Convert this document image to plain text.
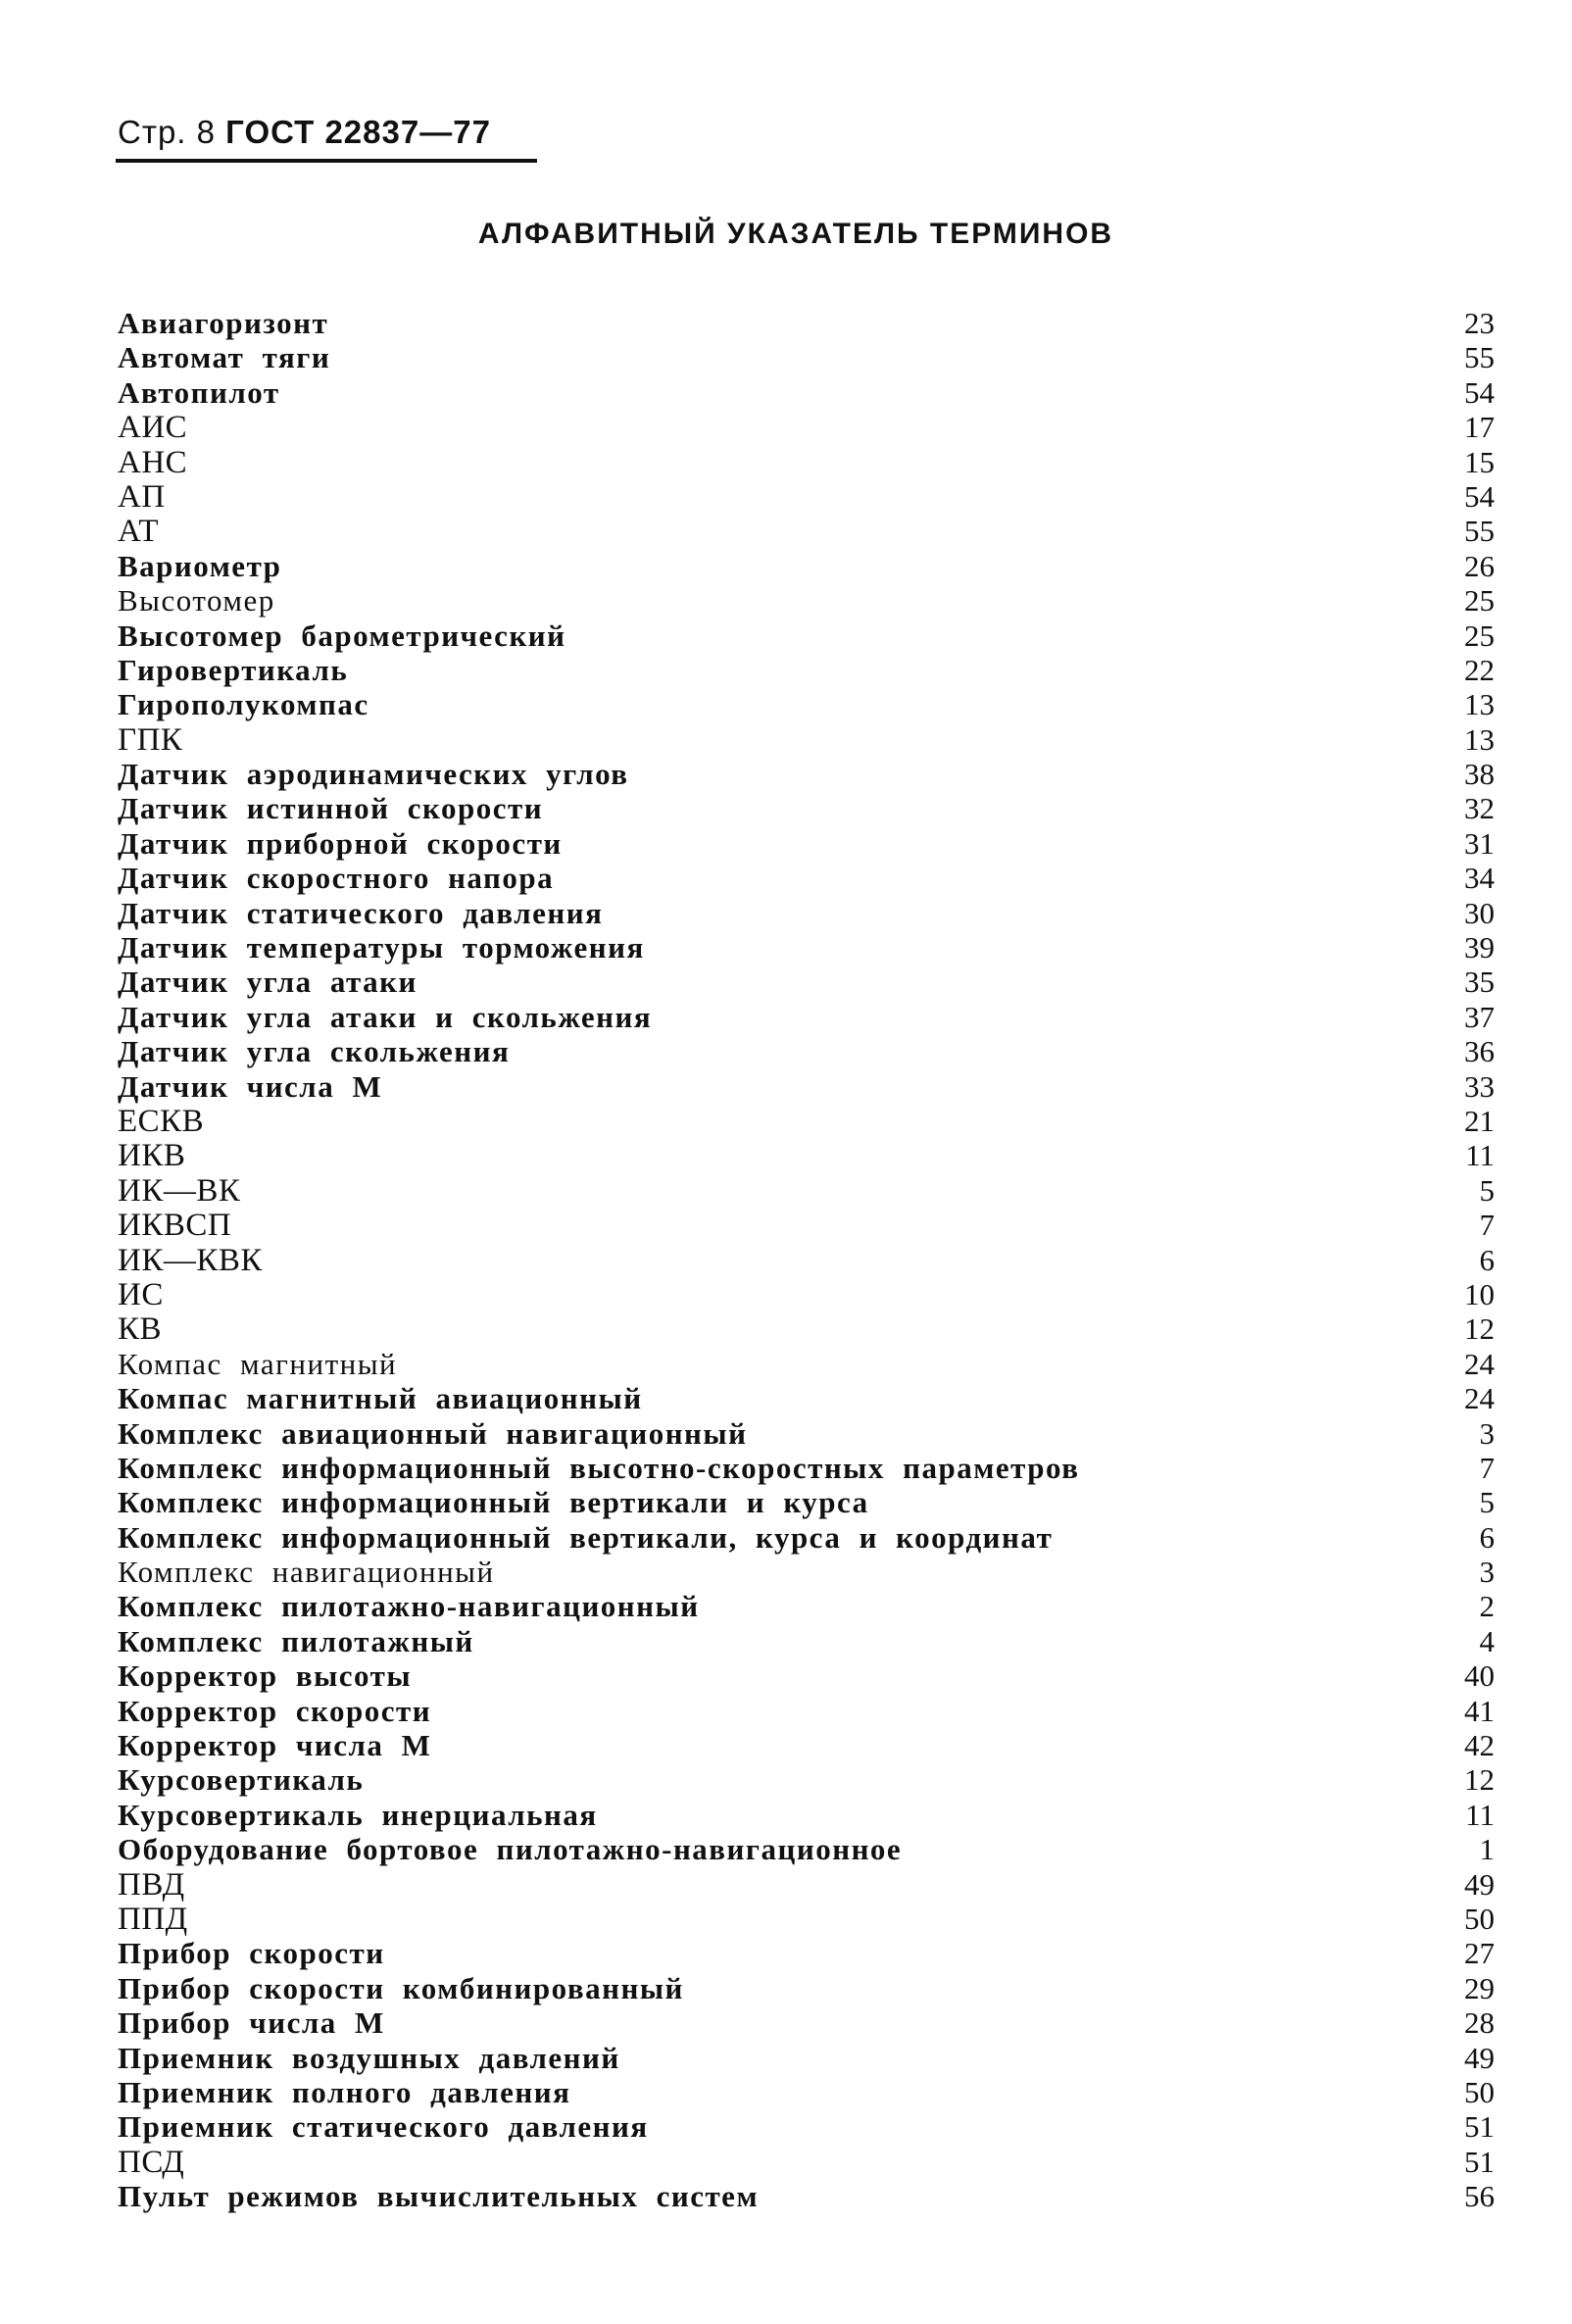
Стр. 8 ГОСТ 22837—77
АЛФАВИТНЫЙ УКАЗАТЕЛЬ ТЕРМИНОВ
Авиагоризонт	23
Автомат тяги	55
Автопилот	54
АИС	17
АНС	15
АП	54
АТ	55
Вариометр	26
Высотомер	25
Высотомер барометрический	25
Гировертикаль	22
Гирополукомпас	13
ГПК	13
Датчик аэродинамических углов	38
Датчик истинной скорости	32
Датчик приборной скорости	31
Датчик скоростного напора	34
Датчик статического давления	30
Датчик температуры торможения	39
Датчик угла атаки	35
Датчик угла атаки и скольжения	37
Датчик угла скольжения	36
Датчик числа М	33
ЕСКВ	21
ИКВ	11
ИК—ВК	5
ИКВСП	7
ИК—КВК	6
ИС	10
КВ	12
Компас магнитный	24
Компас магнитный авиационный	24
Комплекс авиационный навигационный	3
Комплекс информационный высотно-скоростных параметров	7
Комплекс информационный вертикали и курса	5
Комплекс информационный вертикали, курса и координат	6
Комплекс навигационный	3
Комплекс пилотажно-навигационный	2
Комплекс пилотажный	4
Корректор высоты	40
Корректор скорости	41
Корректор числа М	42
Курсовертикаль	12
Курсовертикаль инерциальная	11
Оборудование бортовое пилотажно-навигационное	1
ПВД	49
ППД	50
Прибор скорости	27
Прибор скорости комбинированный	29
Прибор числа М	28
Приемник воздушных давлений	49
Приемник полного давления	50
Приемник статического давления	51
ПСД	51
Пульт режимов вычислительных систем	56
